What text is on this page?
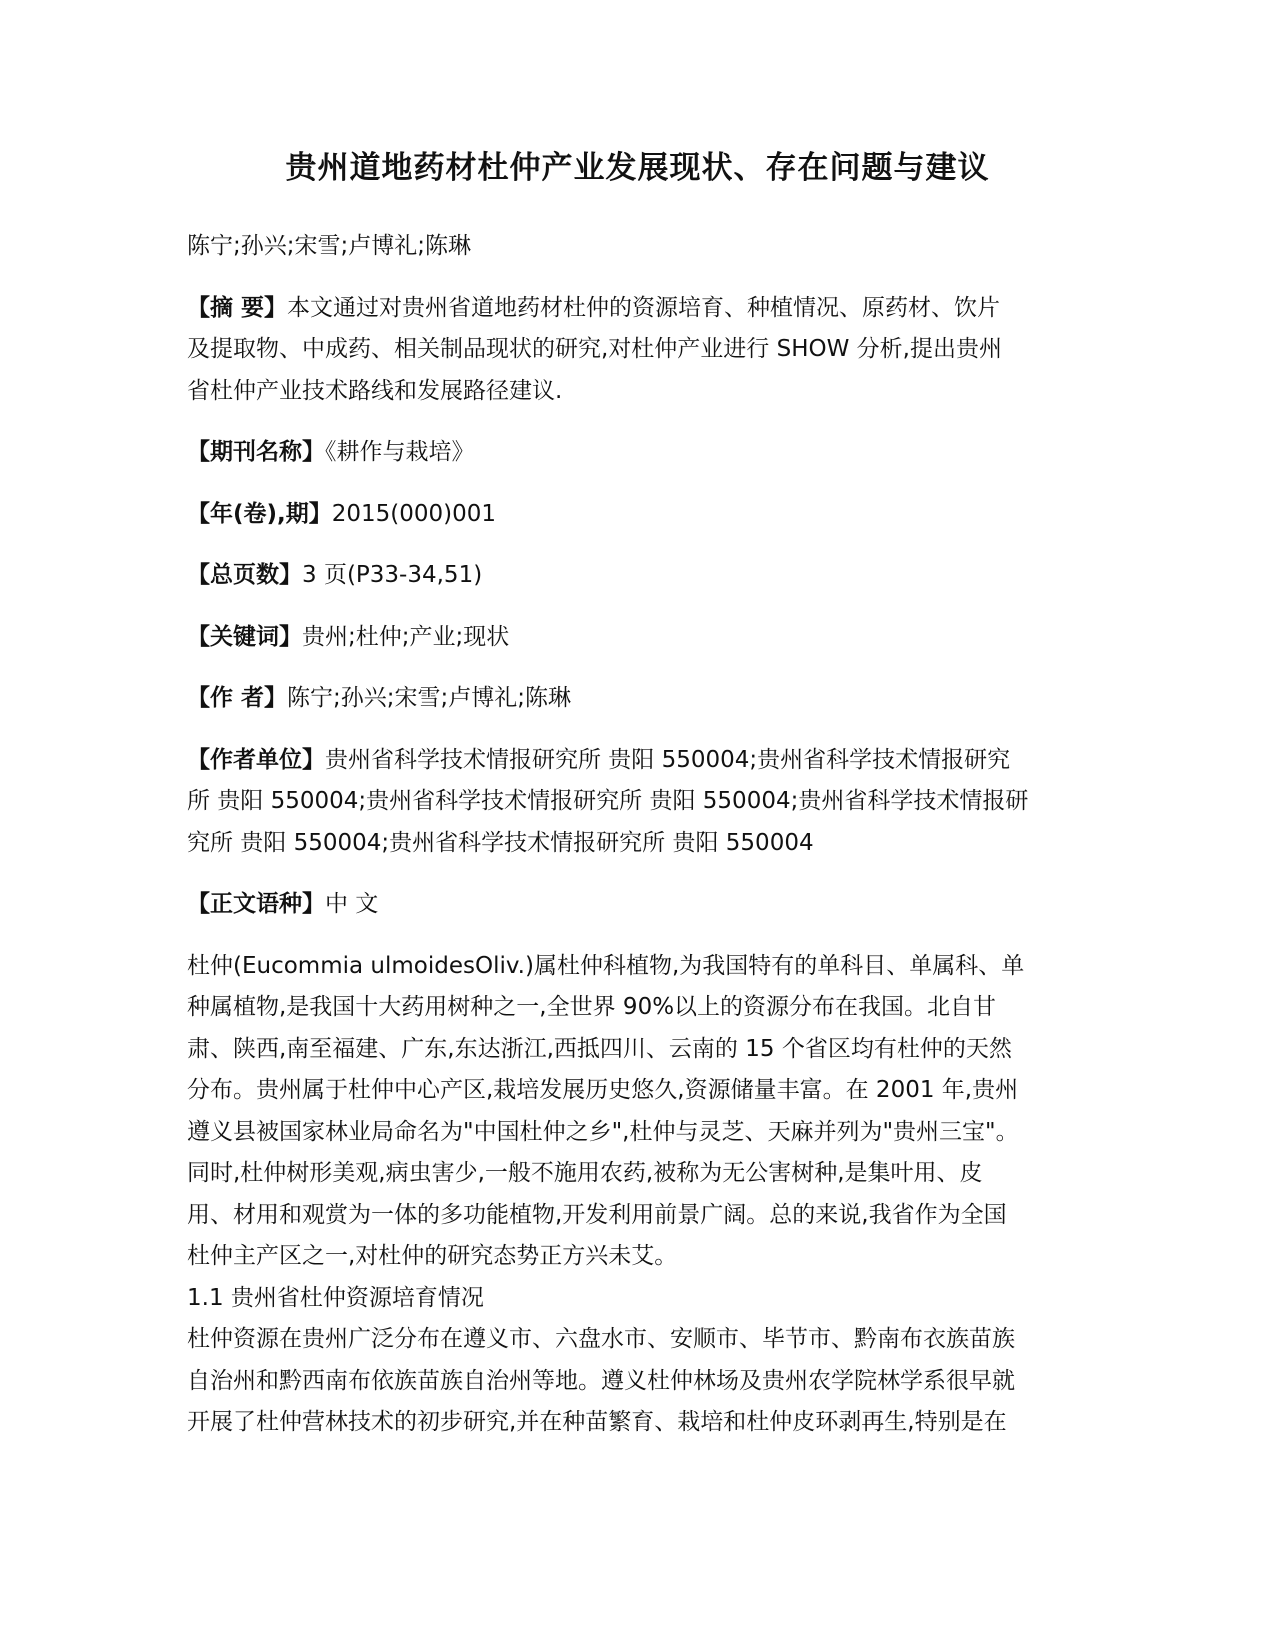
贵州道地药材杜仲产业发展现状、存在问题与建议

陈宁;孙兴;宋雪;卢博礼;陈琳

【摘 要】本文通过对贵州省道地药材杜仲的资源培育、种植情况、原药材、饮片

及提取物、中成药、相关制品现状的研究,对杜仲产业进行 SHOW 分析,提出贵州

省杜仲产业技术路线和发展路径建议.

【期刊名称】《耕作与栽培》

【年(卷),期】2015(000)001

【总页数】3 页(P33-34,51)

【关键词】贵州;杜仲;产业;现状

【作 者】陈宁;孙兴;宋雪;卢博礼;陈琳

【作者单位】贵州省科学技术情报研究所 贵阳 550004;贵州省科学技术情报研究

所 贵阳 550004;贵州省科学技术情报研究所 贵阳 550004;贵州省科学技术情报研

究所 贵阳 550004;贵州省科学技术情报研究所 贵阳 550004

【正文语种】中 文

杜仲(Eucommia ulmoidesOliv.)属杜仲科植物,为我国特有的单科目、单属科、单

种属植物,是我国十大药用树种之一,全世界 90%以上的资源分布在我国。北自甘

肃、陕西,南至福建、广东,东达浙江,西抵四川、云南的 15 个省区均有杜仲的天然

分布。贵州属于杜仲中心产区,栽培发展历史悠久,资源储量丰富。在 2001 年,贵州

遵义县被国家林业局命名为"中国杜仲之乡",杜仲与灵芝、天麻并列为"贵州三宝"。

同时,杜仲树形美观,病虫害少,一般不施用农药,被称为无公害树种,是集叶用、皮

用、材用和观赏为一体的多功能植物,开发利用前景广阔。总的来说,我省作为全国

杜仲主产区之一,对杜仲的研究态势正方兴未艾。

1.1 贵州省杜仲资源培育情况

杜仲资源在贵州广泛分布在遵义市、六盘水市、安顺市、毕节市、黔南布衣族苗族

自治州和黔西南布依族苗族自治州等地。遵义杜仲林场及贵州农学院林学系很早就

开展了杜仲营林技术的初步研究,并在种苗繁育、栽培和杜仲皮环剥再生,特别是在
